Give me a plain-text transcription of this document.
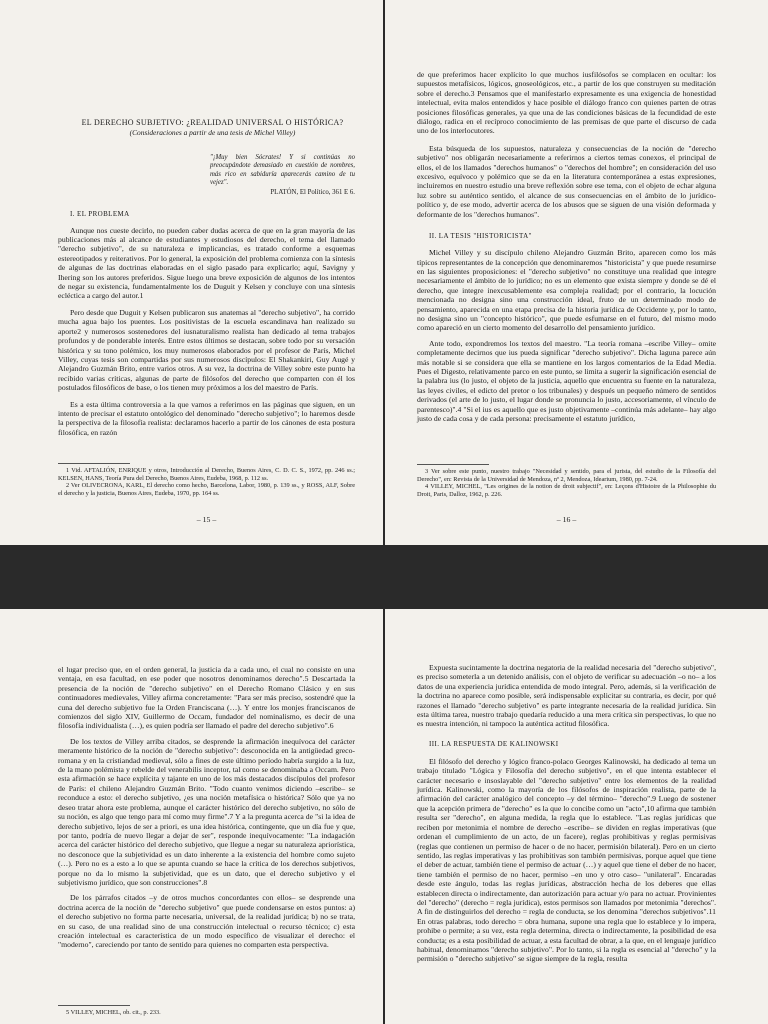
EL DERECHO SUBJETIVO: ¿REALIDAD UNIVERSAL O HISTÓRICA?

(Consideraciones a partir de una tesis de Michel Villey)

"¡Muy bien Sócrates! Y si continúas no preocupándote demasiado en cuestión de nombres, más rico en sabiduría aparecerás camino de tu vejez".
PLATÓN, El Político, 361 E 6.

I. EL PROBLEMA

Aunque nos cueste decirlo, no pueden caber dudas acerca de que en la gran mayoría de las publicaciones más al alcance de estudiantes y estudiosos del derecho, el tema del llamado "derecho subjetivo", de su naturaleza e implicancias, es tratado conforme a esquemas estereotipados y reiterativos. Por lo general, la exposición del problema comienza con la síntesis de algunas de las doctrinas elaboradas en el siglo pasado para explicarlo; aquí, Savigny y Ihering son los autores preferidos. Sigue luego una breve exposición de algunos de los intentos de negar su existencia, fundamentalmente los de Duguit y Kelsen y concluye con una síntesis ecléctica a cargo del autor.1

Pero desde que Duguit y Kelsen publicaron sus anatemas al "derecho subjetivo", ha corrido mucha agua bajo los puentes. Los positivistas de la escuela escandinava han realizado su aporte2 y numerosos sostenedores del iusnaturalismo realista han dedicado al tema trabajos profundos y de ponderable interés. Entre estos últimos se destacan, sobre todo por su versación histórica y su tono polémico, los muy numerosos elaborados por el profesor de París, Michel Villey, cuyas tesis son compartidas por sus numerosos discípulos: El Shakankiri, Guy Augé y Alejandro Guzmán Brito, entre varios otros. A su vez, la doctrina de Villey sobre este punto ha recibido varias críticas, algunas de parte de filósofos del derecho que comparten con él los postulados filosóficos de base, o los tienen muy próximos a los del maestro de París.

Es a esta última controversia a la que vamos a referirnos en las páginas que siguen, en un intento de precisar el estatuto ontológico del denominado "derecho subjetivo"; lo haremos desde la perspectiva de la filosofía realista: declaramos hacerlo a partir de los cánones de esta postura filosófica, en razón

1 Vid. AFTALIÓN, ENRIQUE y otros, Introducción al Derecho, Buenos Aires, C. D. C. S., 1972, pp. 246 ss.; KELSEN, HANS, Teoría Pura del Derecho, Buenos Aires, Eudeba, 1968, p. 112 ss.

2 Ver OLIVECRONA, KARL, El derecho como hecho, Barcelona, Labor, 1980, p. 139 ss., y ROSS, ALF, Sobre el derecho y la justicia, Buenos Aires, Eudeba, 1970, pp. 164 ss.

– 15 –

de que preferimos hacer explícito lo que muchos iusfilósofos se complacen en ocultar: los supuestos metafísicos, lógicos, gnoseológicos, etc., a partir de los que construyen su meditación sobre el derecho.3 Pensamos que el manifestarlo expresamente es una exigencia de honestidad intelectual, evita malos entendidos y hace posible el diálogo franco con quienes parten de otras posiciones filosóficas generales, ya que una de las condiciones básicas de la fecundidad de este diálogo, radica en el recíproco conocimiento de las premisas de que parte el discurso de cada uno de los interlocutores.

Esta búsqueda de los supuestos, naturaleza y consecuencias de la noción de "derecho subjetivo" nos obligarán necesariamente a referirnos a ciertos temas conexos, el principal de ellos, el de los llamados "derechos humanos" o "derechos del hombre"; en consideración del uso excesivo, equívoco y polémico que se da en la literatura contemporánea a estas expresiones, incluiremos en nuestro estudio una breve reflexión sobre ese tema, con el objeto de echar alguna luz sobre su auténtico sentido, el alcance de sus consecuencias en el ámbito de lo jurídico-político y, de ese modo, advertir acerca de los abusos que se siguen de una visión deformada y deformante de los "derechos humanos".

II. LA TESIS "HISTORICISTA"

Michel Villey y su discípulo chileno Alejandro Guzmán Brito, aparecen como los más típicos representantes de la concepción que denominaremos "historicista" y que puede resumirse en las siguientes proposiciones: el "derecho subjetivo" no constituye una realidad que integre necesariamente el ámbito de lo jurídico; no es un elemento que exista siempre y donde se dé el derecho, que integre inexcusablemente esa compleja realidad; por el contrario, la locución mencionada no designa sino una construcción ideal, fruto de un determinado modo de pensamiento, aparecida en una etapa precisa de la historia jurídica de Occidente y, por lo tanto, no designa sino un "concepto histórico", que puede esfumarse en el futuro, del mismo modo como apareció en un cierto momento del desarrollo del pensamiento jurídico.

Ante todo, expondremos los textos del maestro. "La teoría romana –escribe Villey– omite completamente decirnos que ius pueda significar "derecho subjetivo". Dicha laguna parece aún más notable si se considera que ella se mantiene en los largos comentarios de la Edad Media. Pues el Digesto, relativamente parco en este punto, se limita a sugerir la significación esencial de la palabra ius (lo justo, el objeto de la justicia, aquello que encuentra su fuente en la naturaleza, las leyes civiles, el edicto del pretor o los tribunales) y después un pequeño número de sentidos derivados (el arte de lo justo, el lugar donde se pronuncia lo justo, accesoriamente, el vínculo de parentesco)".4 "Si el ius es aquello que es justo objetivamente –continúa más adelante– hay algo justo de cada cosa y de cada persona: precisamente el estatuto jurídico,

3 Ver sobre este punto, nuestro trabajo "Necesidad y sentido, para el jurista, del estudio de la Filosofía del Derecho", en: Revista de la Universidad de Mendoza, nº 2, Mendoza, Idearium, 1980, pp. 7-24.

4 VILLEY, MICHEL, "Les origines de la notion de droit subjectif", en: Leçons d'Histoire de la Philosophie du Droit, Paris, Dalloz, 1962, p. 226.

– 16 –

el lugar preciso que, en el orden general, la justicia da a cada uno, el cual no consiste en una ventaja, en esa facultad, en ese poder que nosotros denominamos derecho".5 Descartada la presencia de la noción de "derecho subjetivo" en el Derecho Romano Clásico y en sus continuadores medievales, Villey afirma concretamente: "Para ser más preciso, sostendré que la cuna del derecho subjetivo fue la Orden Franciscana (…). Y entre los monjes franciscanos de comienzos del siglo XIV, Guillermo de Occam, fundador del nominalismo, es decir de una filosofía individualista (…), es quien podría ser llamado el padre del derecho subjetivo".6

De los textos de Villey arriba citados, se desprende la afirmación inequívoca del carácter meramente histórico de la noción de "derecho subjetivo": desconocida en la antigüedad greco-romana y en la cristiandad medieval, sólo a fines de este último período habría surgido a la luz, de la mano polémista y rebelde del venerabilis inceptor, tal como se denominaba a Occam. Pero esta afirmación se hace explícita y tajante en uno de los más destacados discípulos del profesor de París: el chileno Alejandro Guzmán Brito. "Todo cuanto venimos diciendo –escribe– se reconduce a esto: el derecho subjetivo, ¿es una noción metafísica o histórica? Sólo que ya no deseo tratar ahora este problema, aunque el carácter histórico del derecho subjetivo, no sólo de su noción, es algo que tengo para mí como muy firme".7 Y a la pregunta acerca de "si la idea de derecho subjetivo, lejos de ser a priori, es una idea histórica, contingente, que un día fue y que, por tanto, podría de nuevo llegar a dejar de ser", responde inequívocamente: "La indagación acerca del carácter histórico del derecho subjetivo, que llegue a negar su naturaleza apriorística, no desconoce que la subjetividad es un dato inherente a la existencia del hombre como sujeto (…). Pero no es a esto a lo que se apunta cuando se hace la crítica de los derechos subjetivos, porque no da lo mismo la subjetividad, que es un dato, que el derecho subjetivo y el subjetivismo jurídico, que son construcciones".8

De los párrafos citados –y de otros muchos concordantes con ellos– se desprende una doctrina acerca de la noción de "derecho subjetivo" que puede condensarse en estos puntos: a) el derecho subjetivo no forma parte necesaria, universal, de la realidad jurídica; b) no se trata, en su caso, de una realidad sino de una construcción intelectual o recurso técnico; c) esta creación intelectual es característica de un modo específico de visualizar el derecho: el "moderno", careciendo por tanto de sentido para quienes no comparten esta perspectiva.

5 VILLEY, MICHEL, ob. cit., p. 233.

Expuesta sucintamente la doctrina negatoria de la realidad necesaria del "derecho subjetivo", es preciso someterla a un detenido análisis, con el objeto de verificar su adecuación –o no– a los datos de una experiencia jurídica entendida de modo integral. Pero, además, si la verificación de la doctrina no aparece como posible, será indispensable explicitar su contraria, es decir, por qué razones el llamado "derecho subjetivo" es parte integrante necesaria de la realidad jurídica. Sin esta última tarea, nuestro trabajo quedaría reducido a una mera crítica sin perspectivas, lo que no es nuestra intención, ni tampoco la auténtica actitud filosófica.

III. LA RESPUESTA DE KALINOWSKI

El filósofo del derecho y lógico franco-polaco Georges Kalinowski, ha dedicado al tema un trabajo titulado "Lógica y Filosofía del derecho subjetivo", en el que intenta establecer el carácter necesario e insoslayable del "derecho subjetivo" entre los elementos de la realidad jurídica. Kalinowski, como la mayoría de los filósofos de inspiración realista, parte de la afirmación del carácter analógico del concepto –y del término– "derecho".9 Luego de sostener que la acepción primera de "derecho" es la que lo concibe como un "acto",10 afirma que también resulta ser "derecho", en alguna medida, la regla que lo establece. "Las reglas jurídicas que reciben por metonimia el nombre de derecho –escribe– se dividen en reglas imperativas (que ordenan el cumplimiento de un acto, de un facere), reglas prohibitivas y reglas permisivas (reglas que contienen un permiso de hacer o de no hacer, permisión bilateral). Pero en un cierto sentido, las reglas imperativas y las prohibitivas son también permisivas, porque aquel que tiene el deber de actuar, también tiene el permiso de actuar (…) y aquel que tiene el deber de no hacer, tiene también el permiso de no hacer, permiso –en uno y otro caso– "unilateral". Encaradas desde este ángulo, todas las reglas jurídicas, abstracción hecha de los deberes que ellas establecen directa o indirectamente, dan autorización para actuar y/o para no actuar. Provinientes del "derecho" (derecho = regla jurídica), estos permisos son llamados por metonimia "derechos". A fin de distinguirlos del derecho = regla de conducta, se los denomina "derechos subjetivos".11 En otras palabras, todo derecho = obra humana, supone una regla que lo establece y lo impera, prohibe o permite; a su vez, esta regla determina, directa o indirectamente, la posibilidad de esa conducta; es a esta posibilidad de actuar, a esta facultad de obrar, a la que, en el lenguaje jurídico habitual, denominamos "derecho subjetivo". Por lo tanto, si la regla es esencial al "derecho" y la permisión o "derecho subjetivo" se sigue siempre de la regla, resulta
